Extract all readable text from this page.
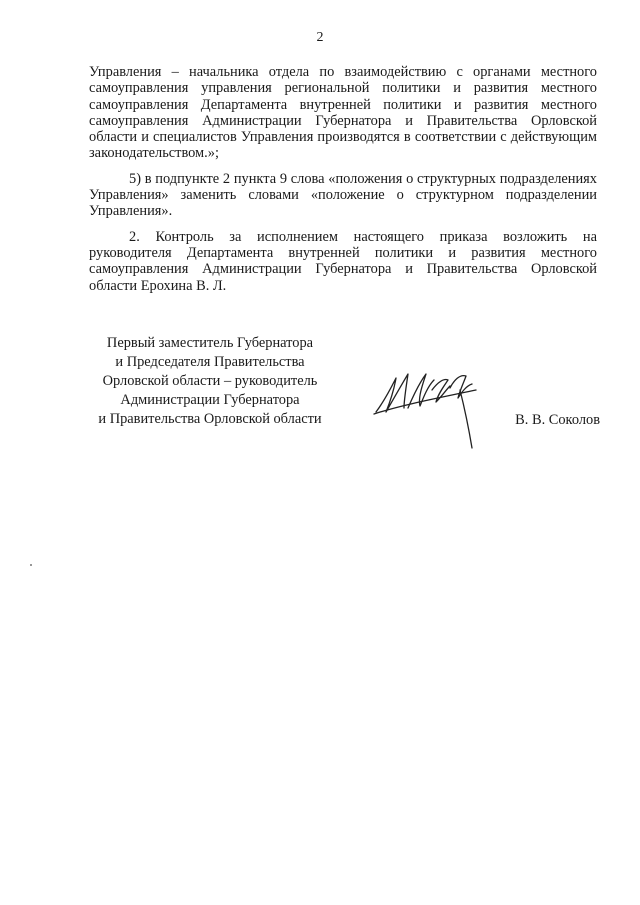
2

Управления – начальника отдела по взаимодействию с органами местного самоуправления управления региональной политики и развития местного самоуправления Департамента внутренней политики и развития местного самоуправления Администрации Губернатора и Правительства Орловской области и специалистов Управления производятся в соответствии с действующим законодательством.»;

5) в подпункте 2 пункта 9 слова «положения о структурных подразделениях Управления» заменить словами «положение о структурном подразделении Управления».

2. Контроль за исполнением настоящего приказа возложить на руководителя Департамента внутренней политики и развития местного самоуправления Администрации Губернатора и Правительства Орловской области Ерохина В. Л.

Первый заместитель Губернатора
и Председателя Правительства
Орловской области – руководитель
Администрации Губернатора
и Правительства Орловской области	В. В. Соколов
